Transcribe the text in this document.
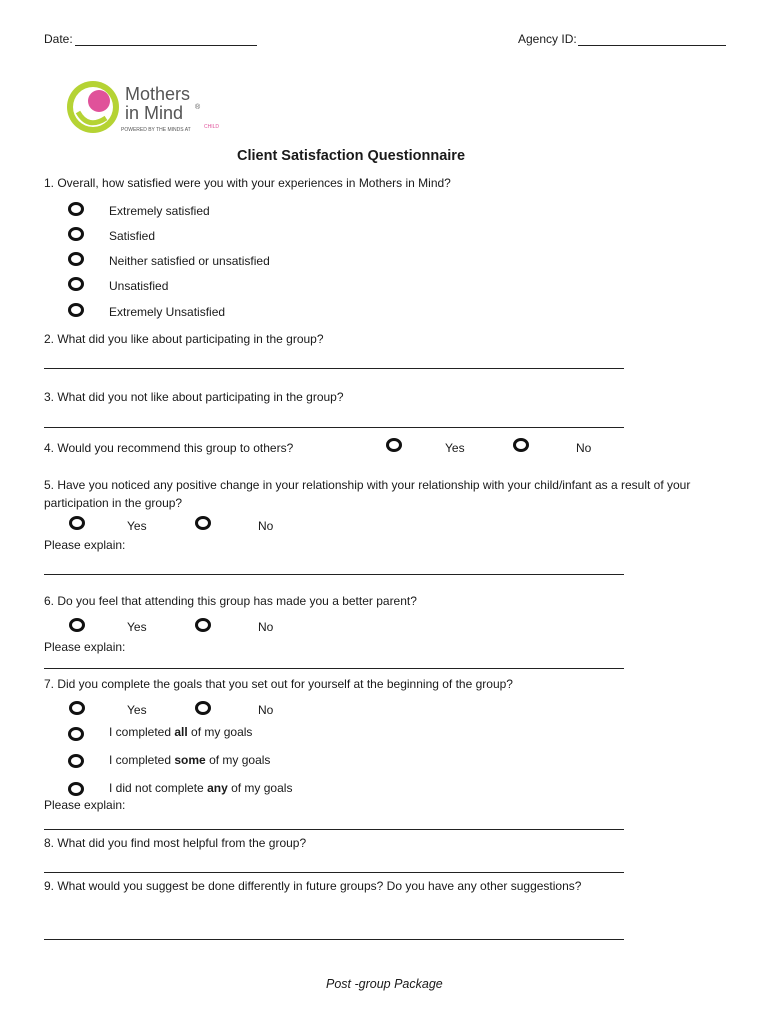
Date:	Agency ID:
Mothers
in Mind ®
POWERED BY THE MINDS AT	CHILD
Client Satisfaction Questionnaire
1. Overall, how satisfied were you with your experiences in Mothers in Mind?
Extremely satisfied
Satisfied
Neither satisfied or unsatisfied
Unsatisfied
Extremely Unsatisfied
2. What did you like about participating in the group?
3. What did you not like about participating in the group?
4. Would you recommend this group to others?	Yes	No
5. Have you noticed any positive change in your relationship with your relationship with your child/infant as a result of your participation in the group?
Yes	No
Please explain:
6. Do you feel that attending this group has made you a better parent?
Yes	No
Please explain:
7. Did you complete the goals that you set out for yourself at the beginning of the group?
Yes	No
I completed all of my goals
I completed some of my goals
I did not complete any of my goals
Please explain:
8. What did you find most helpful from the group?
9. What would you suggest be done differently in future groups? Do you have any other suggestions?
Post -group Package
